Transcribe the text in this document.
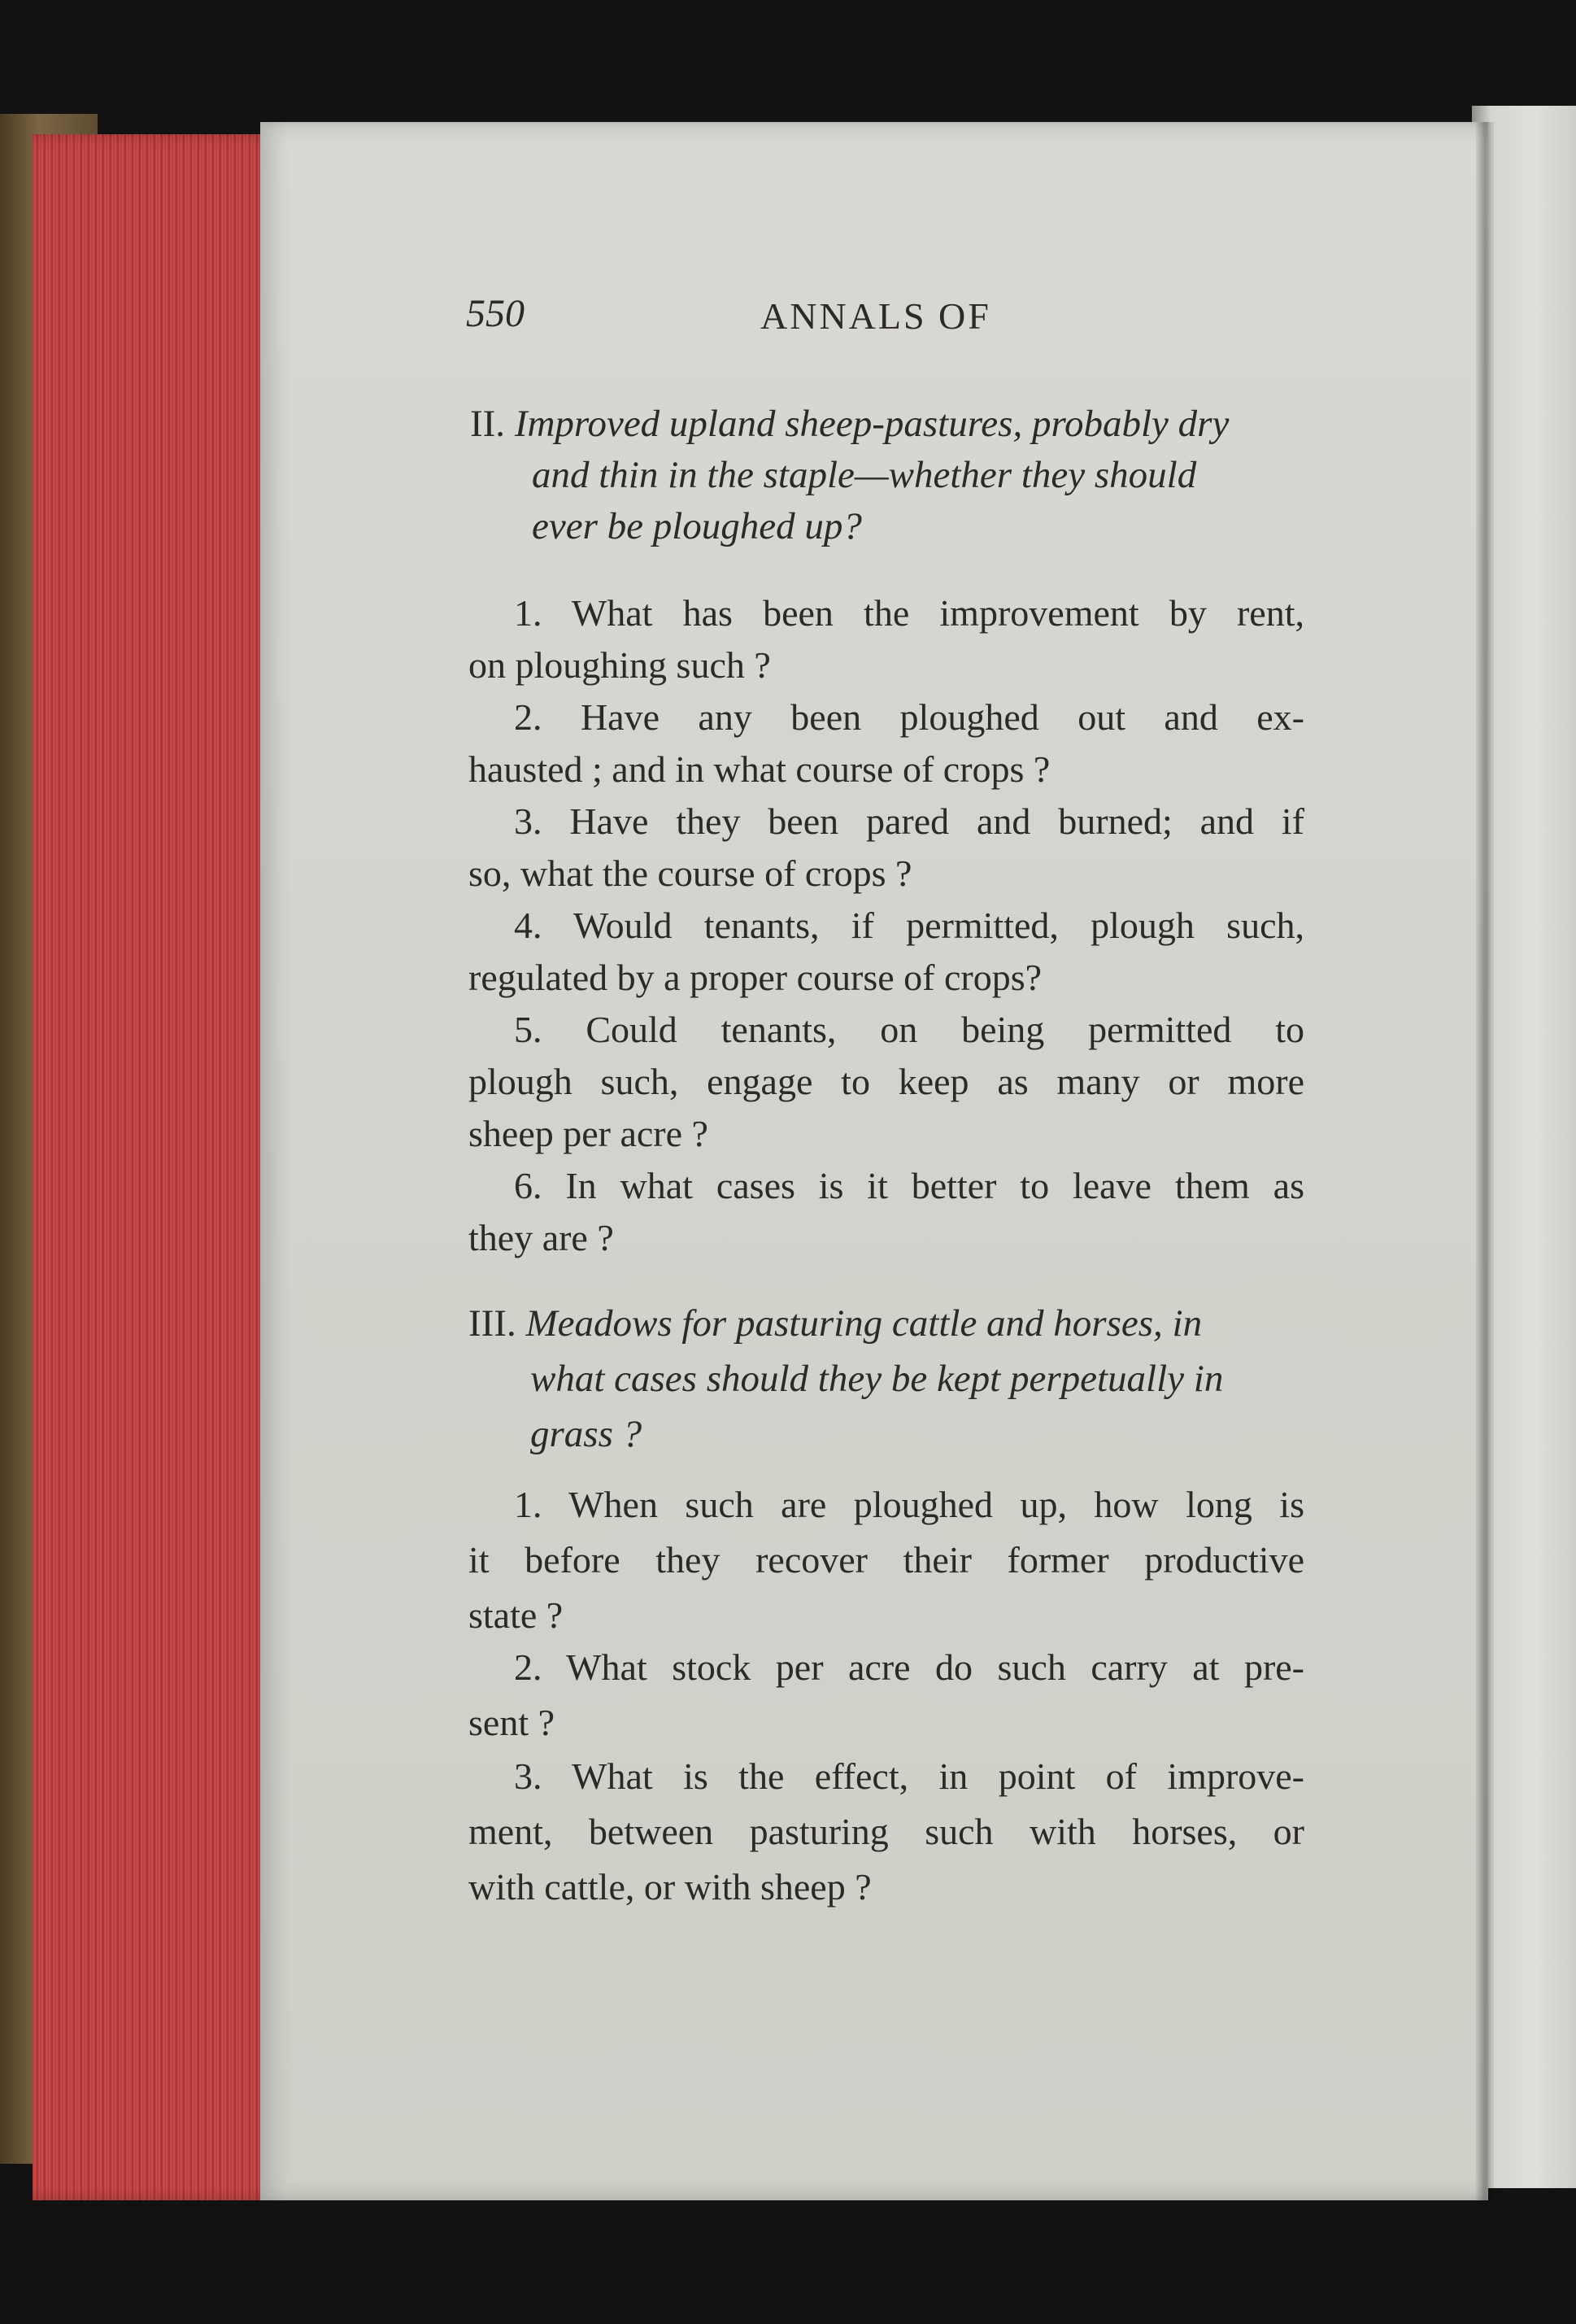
550	ANNALS OF

II. Improved upland sheep-pastures, probably dry

and thin in the staple—whether they should

ever be ploughed up?

1. What has been the improvement by rent,

on ploughing such ?

2. Have any been ploughed out and ex-

hausted ; and in what course of crops ?

3. Have they been pared and burned; and if

so, what the course of crops ?

4. Would tenants, if permitted, plough such,

regulated by a proper course of crops?

5. Could tenants, on being permitted to

plough such, engage to keep as many or more

sheep per acre ?

6. In what cases is it better to leave them as

they are ?

III. Meadows for pasturing cattle and horses, in

what cases should they be kept perpetually in

grass ?

1. When such are ploughed up, how long is

it before they recover their former productive

state ?

2. What stock per acre do such carry at pre-

sent ?

3. What is the effect, in point of improve-

ment, between pasturing such with horses, or

with cattle, or with sheep ?
